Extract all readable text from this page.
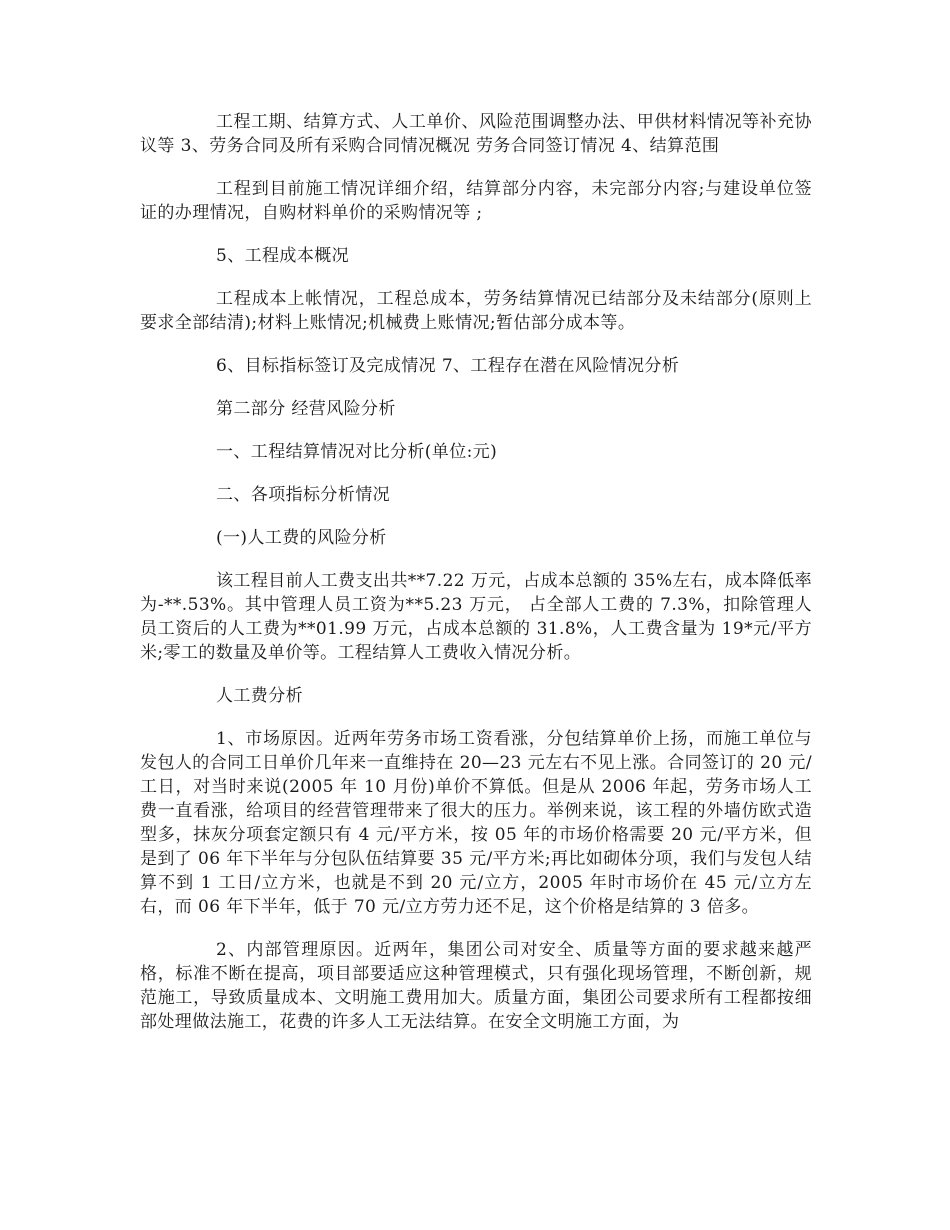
工程工期、结算方式、人工单价、风险范围调整办法、甲供材料情况等补充协议等 3、劳务合同及所有采购合同情况概况 劳务合同签订情况 4、结算范围

工程到目前施工情况详细介绍，结算部分内容，未完部分内容;与建设单位签证的办理情况，自购材料单价的采购情况等 ;

5、工程成本概况

工程成本上帐情况，工程总成本，劳务结算情况已结部分及未结部分(原则上要求全部结清);材料上账情况;机械费上账情况;暂估部分成本等。

6、目标指标签订及完成情况 7、工程存在潜在风险情况分析

第二部分 经营风险分析

一、工程结算情况对比分析(单位:元)

二、各项指标分析情况

(一)人工费的风险分析

该工程目前人工费支出共**7.22 万元，占成本总额的 35%左右，成本降低率为-**.53%。其中管理人员工资为**5.23 万元， 占全部人工费的 7.3%，扣除管理人员工资后的人工费为**01.99 万元，占成本总额的 31.8%，人工费含量为 19*元/平方米;零工的数量及单价等。工程结算人工费收入情况分析。

人工费分析

1、市场原因。近两年劳务市场工资看涨，分包结算单价上扬，而施工单位与发包人的合同工日单价几年来一直维持在 20—23 元左右不见上涨。合同签订的 20 元/工日，对当时来说(2005 年 10 月份)单价不算低。但是从 2006 年起，劳务市场人工费一直看涨，给项目的经营管理带来了很大的压力。举例来说，该工程的外墙仿欧式造型多，抹灰分项套定额只有 4 元/平方米，按 05 年的市场价格需要 20 元/平方米，但是到了 06 年下半年与分包队伍结算要 35 元/平方米;再比如砌体分项，我们与发包人结算不到 1 工日/立方米，也就是不到 20 元/立方，2005 年时市场价在 45 元/立方左右，而 06 年下半年，低于 70 元/立方劳力还不足，这个价格是结算的 3 倍多。

2、内部管理原因。近两年，集团公司对安全、质量等方面的要求越来越严格，标准不断在提高，项目部要适应这种管理模式，只有强化现场管理，不断创新，规范施工，导致质量成本、文明施工费用加大。质量方面，集团公司要求所有工程都按细部处理做法施工，花费的许多人工无法结算。在安全文明施工方面，为
